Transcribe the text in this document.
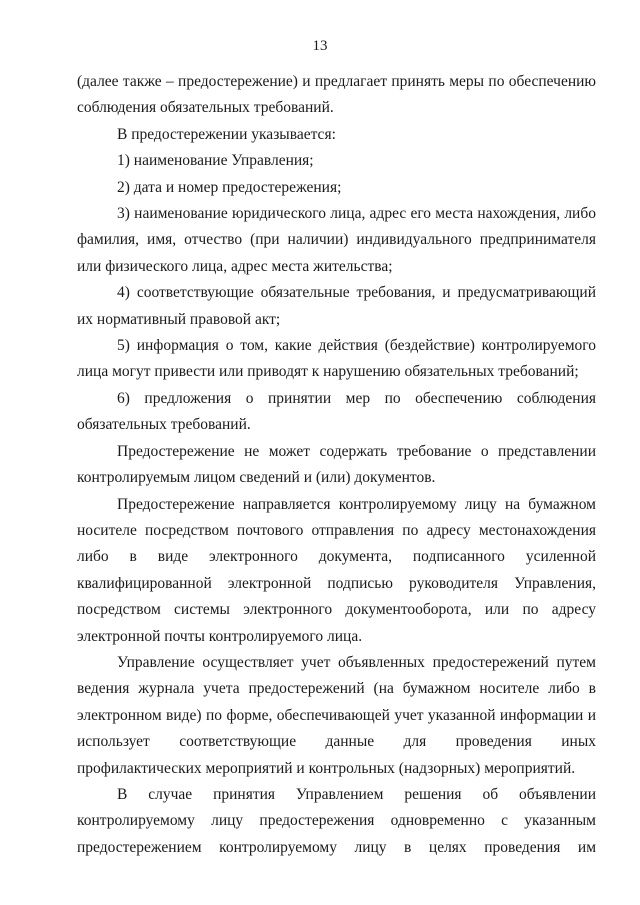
13

(далее также – предостережение) и предлагает принять меры по обеспечению соблюдения обязательных требований.

В предостережении указывается:

1) наименование Управления;

2) дата и номер предостережения;

3) наименование юридического лица, адрес его места нахождения, либо фамилия, имя, отчество (при наличии) индивидуального предпринимателя или физического лица, адрес места жительства;

4) соответствующие обязательные требования, и предусматривающий их нормативный правовой акт;

5) информация о том, какие действия (бездействие) контролируемого лица могут привести или приводят к нарушению обязательных требований;

6) предложения о принятии мер по обеспечению соблюдения обязательных требований.

Предостережение не может содержать требование о представлении контролируемым лицом сведений и (или) документов.

Предостережение направляется контролируемому лицу на бумажном носителе посредством почтового отправления по адресу местонахождения либо в виде электронного документа, подписанного усиленной квалифицированной электронной подписью руководителя Управления, посредством системы электронного документооборота, или по адресу электронной почты контролируемого лица.

Управление осуществляет учет объявленных предостережений путем ведения журнала учета предостережений (на бумажном носителе либо в электронном виде) по форме, обеспечивающей учет указанной информации и использует соответствующие данные для проведения иных профилактических мероприятий и контрольных (надзорных) мероприятий.

В случае принятия Управлением решения об объявлении контролируемому лицу предостережения одновременно с указанным предостережением контролируемому лицу в целях проведения им
